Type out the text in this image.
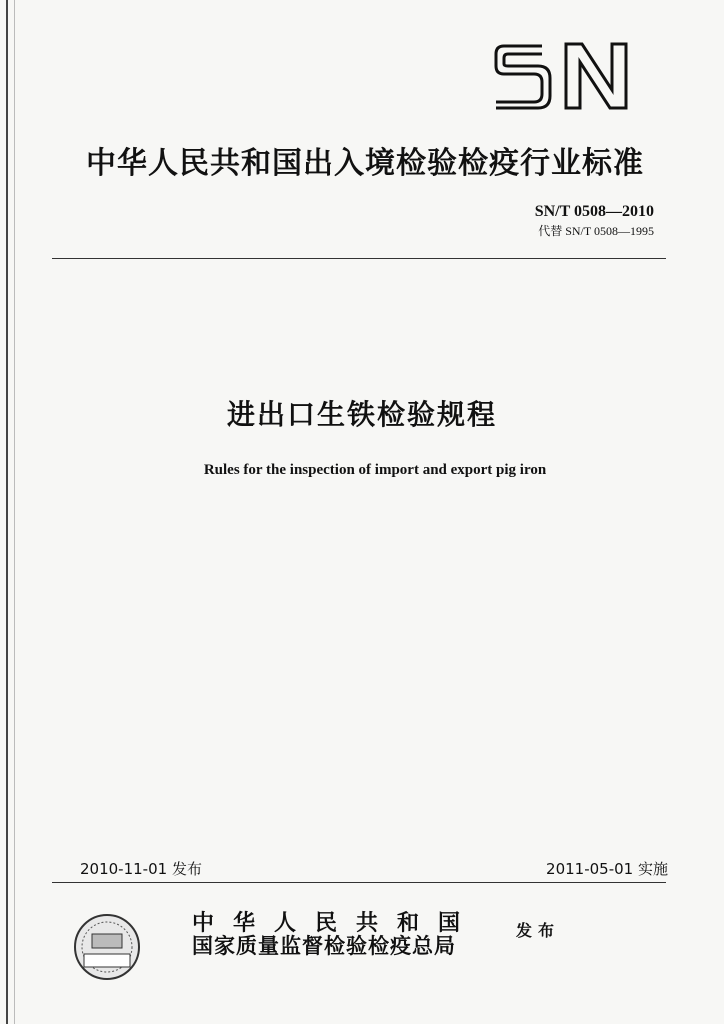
中华人民共和国出入境检验检疫行业标准
SN/T 0508—2010
代替 SN/T 0508—1995
进出口生铁检验规程
Rules for the inspection of import and export pig iron
2010-11-01 发布	2011-05-01 实施
中华人民共和国
国家质量监督检验检疫总局
发布
